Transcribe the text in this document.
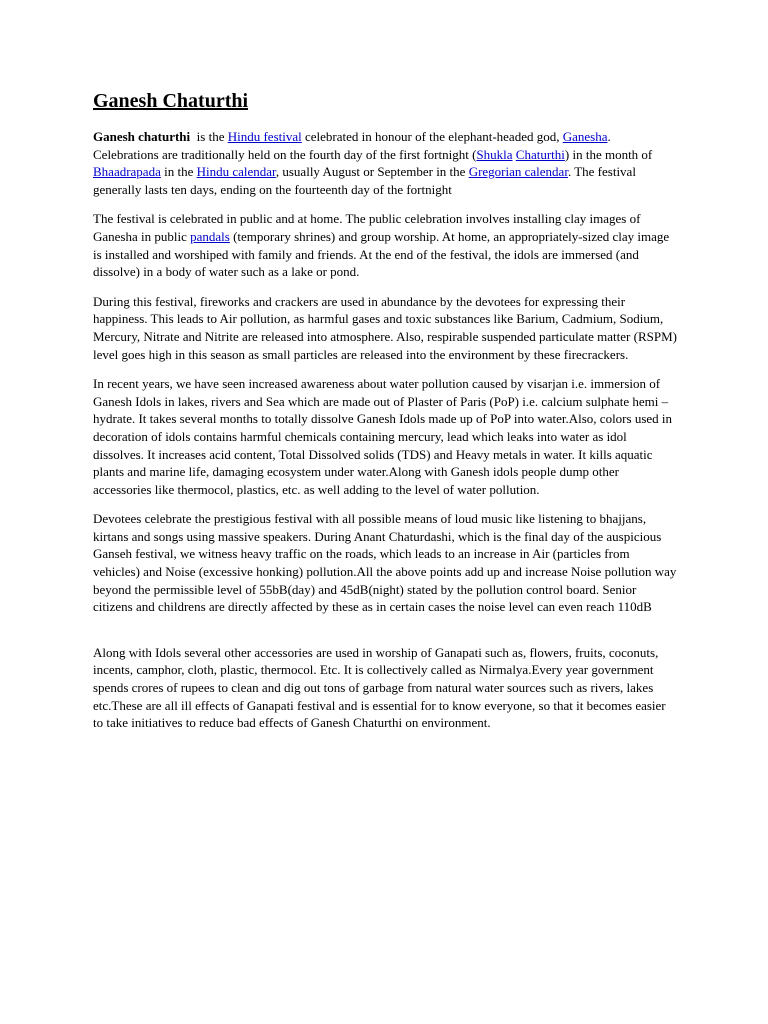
Ganesh Chaturthi

Ganesh chaturthi  is the Hindu festival celebrated in honour of the elephant-headed god, Ganesha. Celebrations are traditionally held on the fourth day of the first fortnight (Shukla Chaturthi) in the month of Bhaadrapada in the Hindu calendar, usually August or September in the Gregorian calendar. The festival generally lasts ten days, ending on the fourteenth day of the fortnight

The festival is celebrated in public and at home. The public celebration involves installing clay images of Ganesha in public pandals (temporary shrines) and group worship. At home, an appropriately-sized clay image is installed and worshiped with family and friends. At the end of the festival, the idols are immersed (and dissolve) in a body of water such as a lake or pond.

During this festival, fireworks and crackers are used in abundance by the devotees for expressing their happiness. This leads to Air pollution, as harmful gases and toxic substances like Barium, Cadmium, Sodium, Mercury, Nitrate and Nitrite are released into atmosphere. Also, respirable suspended particulate matter (RSPM) level goes high in this season as small particles are released into the environment by these firecrackers.

In recent years, we have seen increased awareness about water pollution caused by visarjan i.e. immersion of Ganesh Idols in lakes, rivers and Sea which are made out of Plaster of Paris (PoP) i.e. calcium sulphate hemi –hydrate. It takes several months to totally dissolve Ganesh Idols made up of PoP into water.Also, colors used in decoration of idols contains harmful chemicals containing mercury, lead which leaks into water as idol dissolves. It increases acid content, Total Dissolved solids (TDS) and Heavy metals in water. It kills aquatic plants and marine life, damaging ecosystem under water.Along with Ganesh idols people dump other accessories like thermocol, plastics, etc. as well adding to the level of water pollution.

Devotees celebrate the prestigious festival with all possible means of loud music like listening to bhajjans, kirtans and songs using massive speakers. During Anant Chaturdashi, which is the final day of the auspicious Ganseh festival, we witness heavy traffic on the roads, which leads to an increase in Air (particles from vehicles) and Noise (excessive honking) pollution.All the above points add up and increase Noise pollution way beyond the permissible level of 55bB(day) and 45dB(night) stated by the pollution control board. Senior citizens and childrens are directly affected by these as in certain cases the noise level can even reach 110dB

Along with Idols several other accessories are used in worship of Ganapati such as, flowers, fruits, coconuts, incents, camphor, cloth, plastic, thermocol. Etc. It is collectively called as Nirmalya.Every year government spends crores of rupees to clean and dig out tons of garbage from natural water sources such as rivers, lakes etc.These are all ill effects of Ganapati festival and is essential for to know everyone, so that it becomes easier to take initiatives to reduce bad effects of Ganesh Chaturthi on environment.
